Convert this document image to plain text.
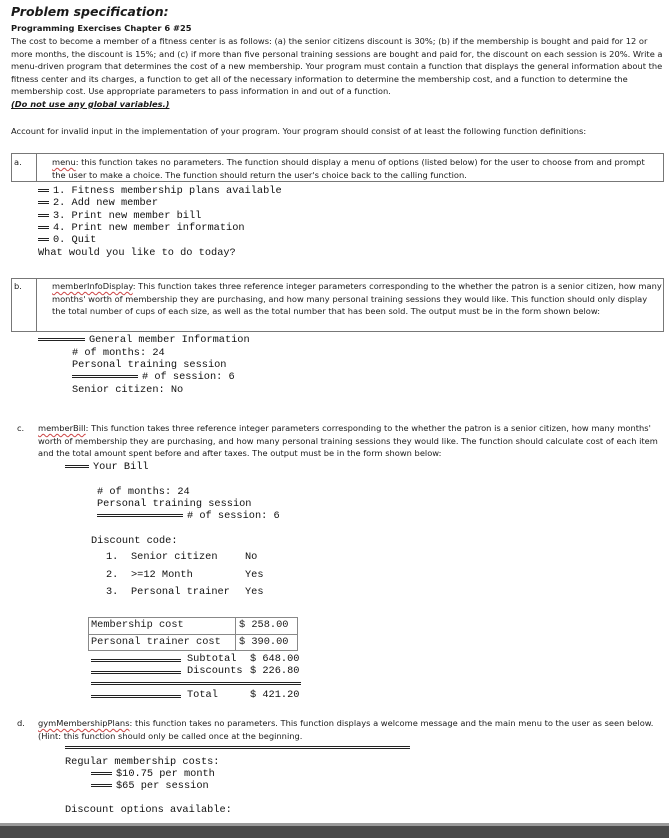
Problem specification:
Programming Exercises Chapter 6 #25
The cost to become a member of a fitness center is as follows: (a) the senior citizens discount is 30%; (b) if the membership is bought and paid for 12 or more months, the discount is 15%; and (c) if more than five personal training sessions are bought and paid for, the discount on each session is 20%. Write a menu-driven program that determines the cost of a new membership. Your program must contain a function that displays the general information about the fitness center and its charges, a function to get all of the necessary information to determine the membership cost, and a function to determine the membership cost. Use appropriate parameters to pass information in and out of a function.
(Do not use any global variables.)
Account for invalid input in the implementation of your program. Your program should consist of at least the following function definitions:
a.	menu: this function takes no parameters. The function should display a menu of options (listed below) for the user to choose from and prompt the user to make a choice. The function should return the user's choice back to the calling function.
1. Fitness membership plans available
2. Add new member
3. Print new member bill
4. Print new member information
0. Quit
What would you like to do today?
b.	memberInfoDisplay: This function takes three reference integer parameters corresponding to the whether the patron is a senior citizen, how many months' worth of membership they are purchasing, and how many personal training sessions they would like. This function should only display the total number of cups of each size, as well as the total number that has been sold. The output must be in the form shown below:
General member Information
# of months: 24
Personal training session
# of session: 6
Senior citizen: No
c. memberBill: This function takes three reference integer parameters corresponding to the whether the patron is a senior citizen, how many months' worth of membership they are purchasing, and how many personal training sessions they would like. The function should calculate cost of each item and the total amount spent before and after taxes. The output must be in the form shown below:
Your Bill
# of months: 24
Personal training session
# of session: 6
Discount code:
1. Senior citizen	No
2. >=12 Month	Yes
3. Personal trainer Yes
Membership cost	$ 258.00
Personal trainer cost $ 390.00
Subtotal $ 648.00
Discounts $ 226.80
Total	$ 421.20
d. gymMembershipPlans: this function takes no parameters. This function displays a welcome message and the main menu to the user as seen below. (Hint: this function should only be called once at the beginning.
Regular membership costs:
$10.75 per month
$65 per session
Discount options available:
